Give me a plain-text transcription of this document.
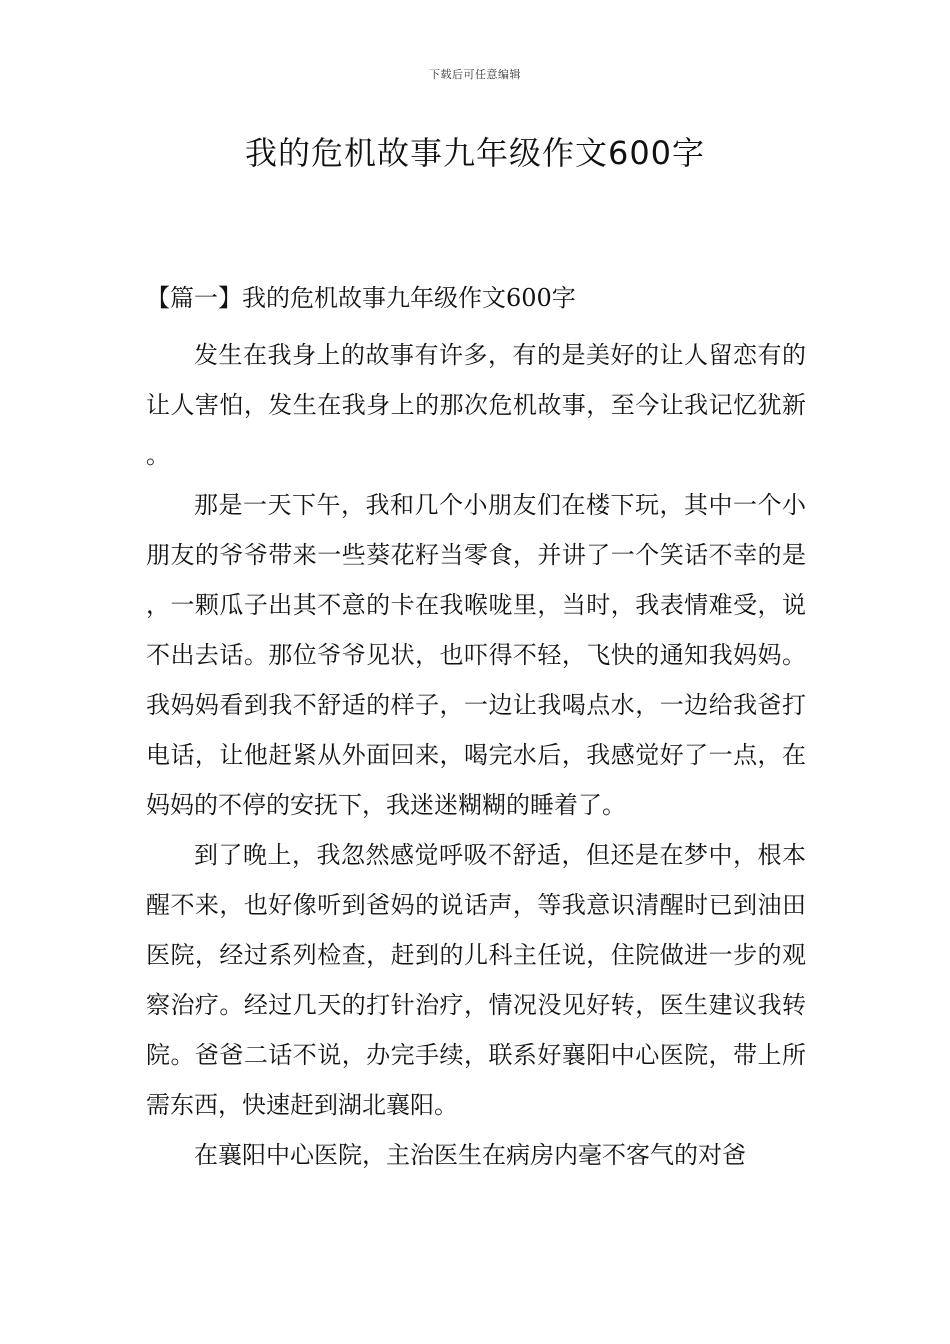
下载后可任意编辑
我的危机故事九年级作文600字
【篇一】我的危机故事九年级作文600字

发生在我身上的故事有许多，有的是美好的让人留恋有的让人害怕，发生在我身上的那次危机故事，至今让我记忆犹新。

那是一天下午，我和几个小朋友们在楼下玩，其中一个小朋友的爷爷带来一些葵花籽当零食，并讲了一个笑话不幸的是，一颗瓜子出其不意的卡在我喉咙里，当时，我表情难受，说不出去话。那位爷爷见状，也吓得不轻，飞快的通知我妈妈。我妈妈看到我不舒适的样子，一边让我喝点水，一边给我爸打电话，让他赶紧从外面回来，喝完水后，我感觉好了一点，在妈妈的不停的安抚下，我迷迷糊糊的睡着了。

到了晚上，我忽然感觉呼吸不舒适，但还是在梦中，根本醒不来，也好像听到爸妈的说话声，等我意识清醒时已到油田医院，经过系列检查，赶到的儿科主任说，住院做进一步的观察治疗。经过几天的打针治疗，情况没见好转，医生建议我转院。爸爸二话不说，办完手续，联系好襄阳中心医院，带上所需东西，快速赶到湖北襄阳。

在襄阳中心医院，主治医生在病房内毫不客气的对爸
